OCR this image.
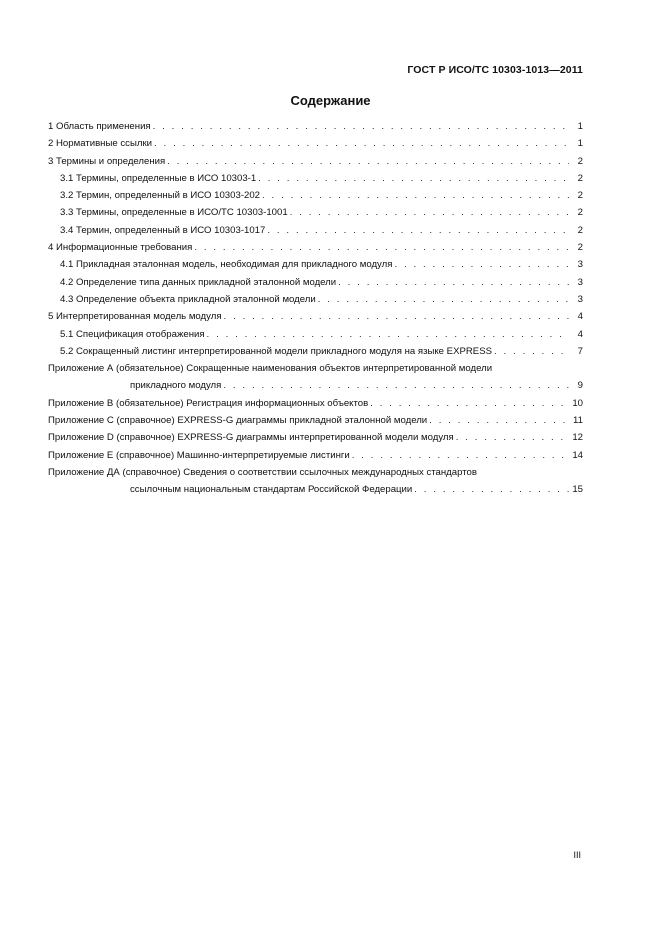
ГОСТ Р ИСО/ТС 10303-1013—2011
Содержание
1 Область применения . . .	1
2 Нормативные ссылки . . .	1
3 Термины и определения . . .	2
3.1 Термины, определенные в ИСО 10303-1 . . .	2
3.2 Термин, определенный в ИСО 10303-202 . . .	2
3.3 Термины, определенные в ИСО/ТС 10303-1001 . . .	2
3.4 Термин, определенный в ИСО 10303-1017 . . .	2
4 Информационные требования . . .	2
4.1 Прикладная эталонная модель, необходимая для прикладного модуля . . .	3
4.2 Определение типа данных прикладной эталонной модели . . .	3
4.3 Определение объекта прикладной эталонной модели . . .	3
5 Интерпретированная модель модуля . . .	4
5.1 Спецификация отображения . . .	4
5.2 Сокращенный листинг интерпретированной модели прикладного модуля на языке EXPRESS . . .	7
Приложение А (обязательное) Сокращенные наименования объектов интерпретированной модели
прикладного модуля . . .	9
Приложение В (обязательное) Регистрация информационных объектов . . .	10
Приложение С (справочное) EXPRESS-G диаграммы прикладной эталонной модели . . .	11
Приложение D (справочное) EXPRESS-G диаграммы интерпретированной модели модуля . . .	12
Приложение Е (справочное) Машинно-интерпретируемые листинги . . .	14
Приложение ДА (справочное) Сведения о соответствии ссылочных международных стандартов
ссылочным национальным стандартам Российской Федерации . . .	15
III
